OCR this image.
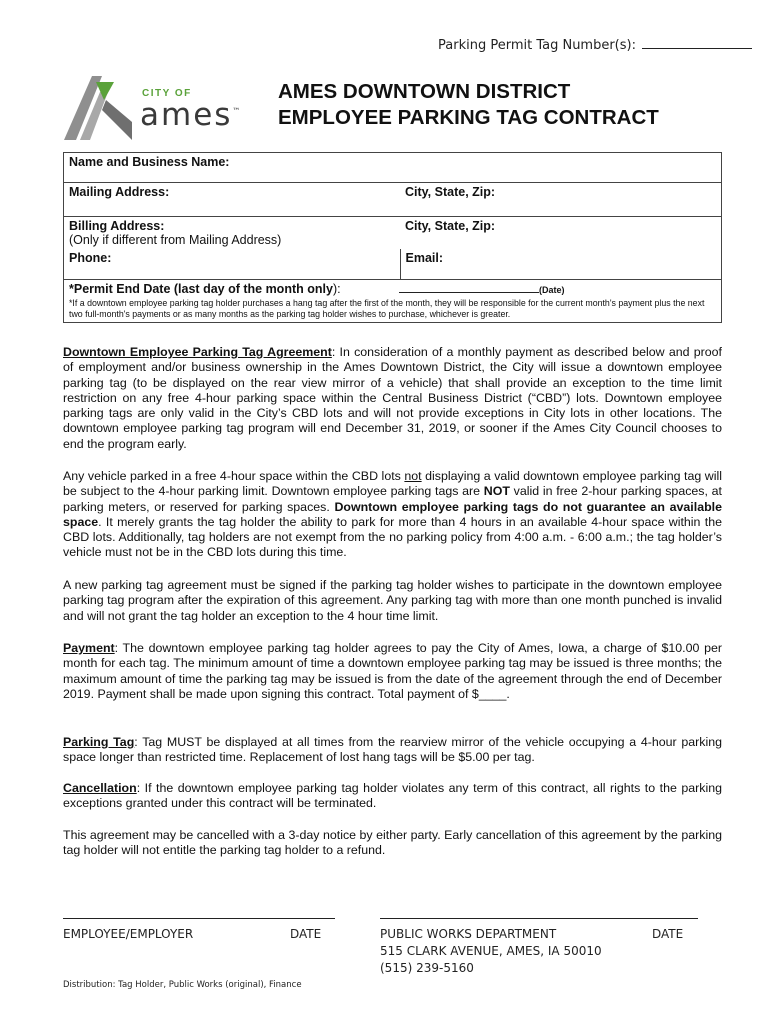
Parking Permit Tag Number(s):
CITY OF
ames™
AMES DOWNTOWN DISTRICT
EMPLOYEE PARKING TAG CONTRACT
Name and Business Name:	
Mailing Address:	City, State, Zip:

Billing Address:
(Only if different from Mailing Address)	City, State, Zip:
Phone:	Email:

*Permit End Date (last day of the month only): (Date)
*If a downtown employee parking tag holder purchases a hang tag after the first of the month, they will be responsible for the current month's payment plus the next two full-month's payments or as many months as the parking tag holder wishes to purchase, whichever is greater.	

Downtown Employee Parking Tag Agreement: In consideration of a monthly payment as described below and proof of employment and/or business ownership in the Ames Downtown District, the City will issue a downtown employee parking tag (to be displayed on the rear view mirror of a vehicle) that shall provide an exception to the time limit restriction on any free 4-hour parking space within the Central Business District (“CBD”) lots. Downtown employee parking tags are only valid in the City’s CBD lots and will not provide exceptions in City lots in other locations. The downtown employee parking tag program will end December 31, 2019, or sooner if the Ames City Council chooses to end the program early.

Any vehicle parked in a free 4-hour space within the CBD lots not displaying a valid downtown employee parking tag will be subject to the 4-hour parking limit. Downtown employee parking tags are NOT valid in free 2-hour parking spaces, at parking meters, or reserved for parking spaces. Downtown employee parking tags do not guarantee an available space. It merely grants the tag holder the ability to park for more than 4 hours in an available 4-hour space within the CBD lots. Additionally, tag holders are not exempt from the no parking policy from 4:00 a.m. - 6:00 a.m.; the tag holder’s vehicle must not be in the CBD lots during this time.

A new parking tag agreement must be signed if the parking tag holder wishes to participate in the downtown employee parking tag program after the expiration of this agreement. Any parking tag with more than one month punched is invalid and will not grant the tag holder an exception to the 4 hour time limit.

Payment: The downtown employee parking tag holder agrees to pay the City of Ames, Iowa, a charge of $10.00 per month for each tag. The minimum amount of time a downtown employee parking tag may be issued is three months; the maximum amount of time the parking tag may be issued is from the date of the agreement through the end of December 2019. Payment shall be made upon signing this contract. Total payment of $____.

Parking Tag: Tag MUST be displayed at all times from the rearview mirror of the vehicle occupying a 4-hour parking space longer than restricted time. Replacement of lost hang tags will be $5.00 per tag.

Cancellation: If the downtown employee parking tag holder violates any term of this contract, all rights to the parking exceptions granted under this contract will be terminated.

This agreement may be cancelled with a 3-day notice by either party. Early cancellation of this agreement by the parking tag holder will not entitle the parking tag holder to a refund.

EMPLOYEE/EMPLOYER	DATE	PUBLIC WORKS DEPARTMENT	DATE
515 CLARK AVENUE, AMES, IA 50010
(515) 239-5160
Distribution: Tag Holder, Public Works (original), Finance
